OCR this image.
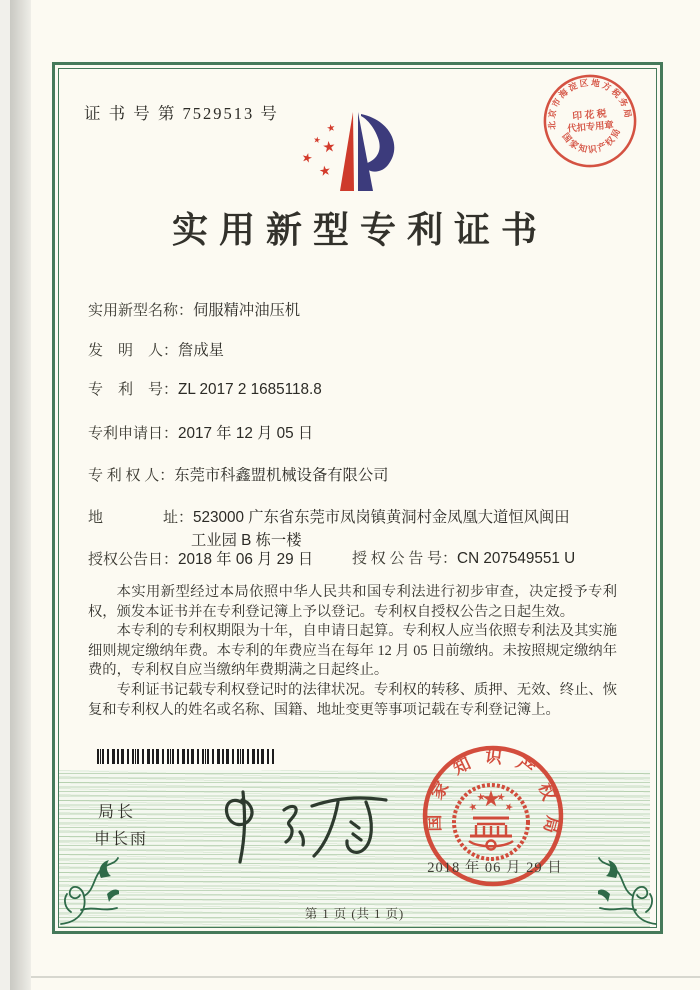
证 书 号 第 7529513 号
北京市海淀区地方税务局
国家知识产权局
印 花 税
代扣专用章
实用新型专利证书
实用新型名称：伺服精冲油压机
发　明　人：詹成星
专　利　号：ZL 2017 2 1685118.8
专利申请日：2017 年 12 月 05 日
专 利 权 人：东莞市科鑫盟机械设备有限公司
地　　　　址：523000 广东省东莞市凤岗镇黄洞村金凤凰大道恒风闽田
工业园 B 栋一楼
授权公告日：2018 年 06 月 29 日	授 权 公 告 号：CN 207549551 U

本实用新型经过本局依照中华人民共和国专利法进行初步审查，决定授予专利权，颁发本证书并在专利登记簿上予以登记。专利权自授权公告之日起生效。

本专利的专利权期限为十年，自申请日起算。专利权人应当依照专利法及其实施细则规定缴纳年费。本专利的年费应当在每年 12 月 05 日前缴纳。未按照规定缴纳年费的，专利权自应当缴纳年费期满之日起终止。

专利证书记载专利权登记时的法律状况。专利权的转移、质押、无效、终止、恢复和专利权人的姓名或名称、国籍、地址变更等事项记载在专利登记簿上。

局长
申长雨
国家知识产权局
2018 年 06 月 29 日
第 1 页 (共 1 页)
